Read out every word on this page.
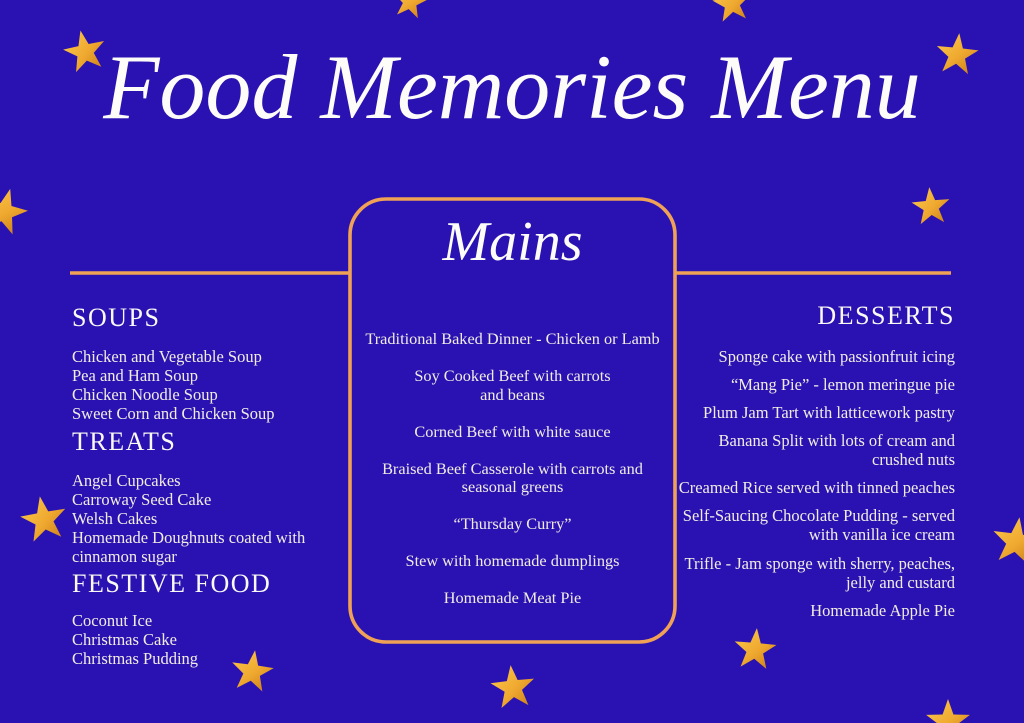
Food Memories Menu
SOUPS

Chicken and Vegetable Soup

Pea and Ham Soup

Chicken Noodle Soup

Sweet Corn and Chicken Soup

TREATS

Angel Cupcakes

Carroway Seed Cake

Welsh Cakes

Homemade Doughnuts coated with cinnamon sugar

FESTIVE FOOD

Coconut Ice

Christmas Cake

Christmas Pudding

Mains

Traditional Baked Dinner - Chicken or Lamb

Soy Cooked Beef with carrots and beans

Corned Beef with white sauce

Braised Beef Casserole with carrots and seasonal greens

“Thursday Curry”

Stew with homemade dumplings

Homemade Meat Pie

DESSERTS

Sponge cake with passionfruit icing

“Mang Pie” - lemon meringue pie

Plum Jam Tart with latticework pastry

Banana Split with lots of cream and crushed nuts

Creamed Rice served with tinned peaches

Self-Saucing Chocolate Pudding - served with vanilla ice cream

Trifle - Jam sponge with sherry, peaches, jelly and custard

Homemade Apple Pie
